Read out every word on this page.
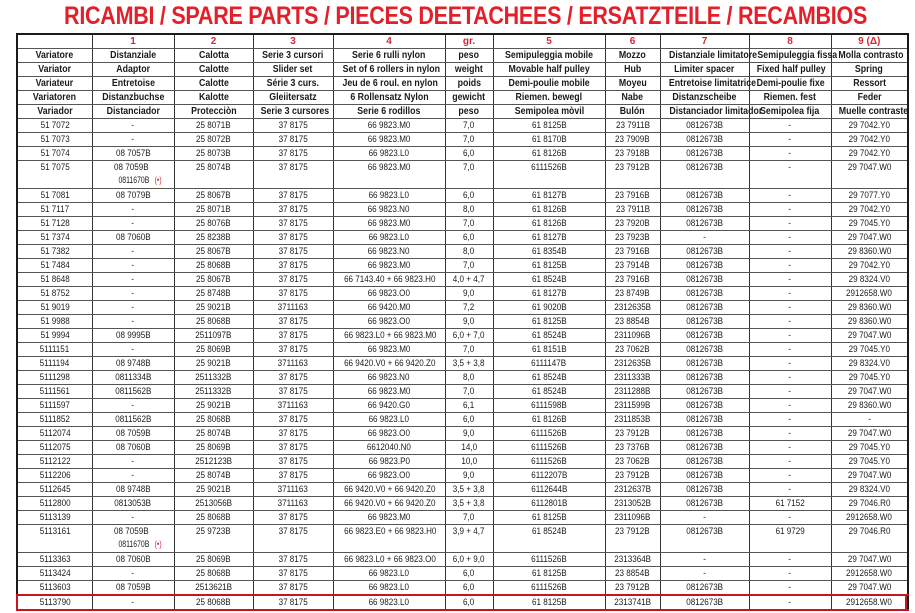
RICAMBI / SPARE PARTS / PIECES DEETACHEES / ERSATZTEILE / RECAMBIOS
	1	2	3	4	gr.	5	6	7	8	9 (Δ)
Variatore	Distanziale	Calotta	Serie 3 cursori	Serie 6 rulli nylon	peso	Semipuleggia mobile	Mozzo	Distanziale limitatore	Semipuleggia fissa	Molla contrasto
Variator	Adaptor	Calotte	Slider set	Set of 6 rollers in nylon	weight	Movable half pulley	Hub	Limiter spacer	Fixed half pulley	Spring
Variateur	Entretoise	Calotte	Série 3 curs.	Jeu de 6 roul. en nylon	poids	Demi-poulie mobile	Moyeu	Entretoise limitatrice	Demi-poulie fixe	Ressort
Variatoren	Distanzbuchse	Kalotte	Gleiitersatz	6 Rollensatz Nylon	gewicht	Riemen. bewegl	Nabe	Distanzscheibe	Riemen. fest	Feder
Variador	Distanciador	Protecciòn	Serie 3 cursores	Serie 6 rodillos	peso	Semipolea mòvil	Bulón	Distanciador limitador	Semipolea fija	Muelle contraste
51 7072	-	25 8071B	37 8175	66 9823.M0	7,0	61 8125B	23 7911B	0812673B	-	29 7042.Y0
51 7073	-	25 8072B	37 8175	66 9823.M0	7,0	61 8170B	23 7909B	0812673B	-	29 7042.Y0
51 7074	08 7057B	25 8073B	37 8175	66 9823.L0	6,0	61 8126B	23 7918B	0812673B	-	29 7042.Y0
51 7075	08 7059B
0811670B (•)	25 8074B	37 8175	66 9823.M0	7,0	6111526B	23 7912B	0812673B	-	29 7047.W0
51 7081	08 7079B	25 8067B	37 8175	66 9823.L0	6,0	61 8127B	23 7916B	0812673B	-	29 7077.Y0
51 7117	-	25 8071B	37 8175	66 9823.N0	8,0	61 8126B	23 7911B	0812673B	-	29 7042.Y0
51 7128	-	25 8076B	37 8175	66 9823.M0	7,0	61 8126B	23 7920B	0812673B	-	29 7045.Y0
51 7374	08 7060B	25 8238B	37 8175	66 9823.L0	6,0	61 8127B	23 7923B	-	-	29 7047.W0
51 7382	-	25 8067B	37 8175	66 9823.N0	8,0	61 8354B	23 7916B	0812673B	-	29 8360.W0
51 7484	-	25 8068B	37 8175	66 9823.M0	7,0	61 8125B	23 7914B	0812673B	-	29 7042.Y0
51 8648	-	25 8067B	37 8175	66 7143.40 + 66 9823.H0	4,0 + 4,7	61 8524B	23 7916B	0812673B	-	29 8324.V0
51 8752	-	25 8748B	37 8175	66 9823.O0	9,0	61 8127B	23 8749B	0812673B	-	2912658.W0
51 9019	-	25 9021B	3711163	66 9420.M0	7,2	61 9020B	2312635B	0812673B	-	29 8360.W0
51 9988	-	25 8068B	37 8175	66 9823.O0	9,0	61 8125B	23 8854B	0812673B	-	29 8360.W0
51 9994	08 9995B	2511097B	37 8175	66 9823.L0 + 66 9823.M0	6,0 + 7,0	61 8524B	2311096B	0812673B	-	29 7047.W0
5111151	-	25 8069B	37 8175	66 9823.M0	7,0	61 8151B	23 7062B	0812673B	-	29 7045.Y0
5111194	08 9748B	25 9021B	3711163	66 9420.V0 + 66 9420.Z0	3,5 + 3,8	6111147B	2312635B	0812673B	-	29 8324.V0
5111298	0811334B	2511332B	37 8175	66 9823.N0	8,0	61 8524B	2311333B	0812673B	-	29 7045.Y0
5111561	0811562B	2511332B	37 8175	66 9823.M0	7,0	61 8524B	2311288B	0812673B	-	29 7047.W0
5111597	-	25 9021B	3711163	66 9420.G0	6,1	6111598B	2311599B	0812673B	-	29 8360.W0
5111852	0811562B	25 8068B	37 8175	66 9823.L0	6,0	61 8126B	2311853B	0812673B	-	-
5112074	08 7059B	25 8074B	37 8175	66 9823.O0	9,0	6111526B	23 7912B	0812673B	-	29 7047.W0
5112075	08 7060B	25 8069B	37 8175	6612040.N0	14,0	6111526B	23 7376B	0812673B	-	29 7045.Y0
5112122	-	2512123B	37 8175	66 9823.P0	10,0	6111526B	23 7062B	0812673B	-	29 7045.Y0
5112206	-	25 8074B	37 8175	66 9823.O0	9,0	6112207B	23 7912B	0812673B	-	29 7047.W0
5112645	08 9748B	25 9021B	3711163	66 9420.V0 + 66 9420.Z0	3,5 + 3,8	6112644B	2312637B	0812673B	-	29 8324.V0
5112800	0813053B	2513056B	3711163	66 9420.V0 + 66 9420.Z0	3,5 + 3,8	6112801B	2313052B	0812673B	61 7152	29 7046.R0
5113139	-	25 8068B	37 8175	66 9823.M0	7,0	61 8125B	2311096B	-	-	2912658.W0
5113161	08 7059B
0811670B (•)	25 9723B	37 8175	66 9823.E0 + 66 9823.H0	3,9 + 4,7	61 8524B	23 7912B	0812673B	61 9729	29 7046.R0
5113363	08 7060B	25 8069B	37 8175	66 9823.L0 + 66 9823.O0	6,0 + 9,0	6111526B	2313364B	-	-	29 7047.W0
5113424	-	25 8068B	37 8175	66 9823.L0	6,0	61 8125B	23 8854B	-	-	2912658.W0
5113603	08 7059B	2513621B	37 8175	66 9823.L0	6,0	6111526B	23 7912B	0812673B	-	29 7047.W0
5113790	-	25 8068B	37 8175	66 9823.L0	6,0	61 8125B	2313741B	0812673B	-	2912658.W0
